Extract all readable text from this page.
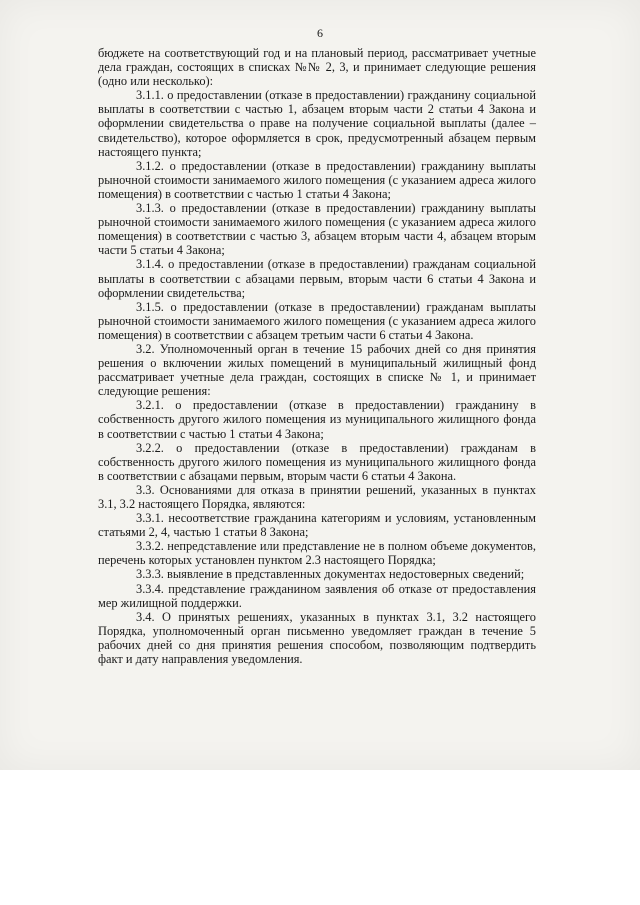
6

бюджете на соответствующий год и на плановый период, рассматривает учетные дела граждан, состоящих в списках №№ 2, 3, и принимает следующие решения (одно или несколько):

3.1.1. о предоставлении (отказе в предоставлении) гражданину социальной выплаты в соответствии с частью 1, абзацем вторым части 2 статьи 4 Закона и оформлении свидетельства о праве на получение социальной выплаты (далее – свидетельство), которое оформляется в срок, предусмотренный абзацем первым настоящего пункта;

3.1.2. о предоставлении (отказе в предоставлении) гражданину выплаты рыночной стоимости занимаемого жилого помещения (с указанием адреса жилого помещения) в соответствии с частью 1 статьи 4 Закона;

3.1.3. о предоставлении (отказе в предоставлении) гражданину выплаты рыночной стоимости занимаемого жилого помещения (с указанием адреса жилого помещения) в соответствии с частью 3, абзацем вторым части 4, абзацем вторым части 5 статьи 4 Закона;

3.1.4. о предоставлении (отказе в предоставлении) гражданам социальной выплаты в соответствии с абзацами первым, вторым части 6 статьи 4 Закона и оформлении свидетельства;

3.1.5. о предоставлении (отказе в предоставлении) гражданам выплаты рыночной стоимости занимаемого жилого помещения (с указанием адреса жилого помещения) в соответствии с абзацем третьим части 6 статьи 4 Закона.

3.2. Уполномоченный орган в течение 15 рабочих дней со дня принятия решения о включении жилых помещений в муниципальный жилищный фонд рассматривает учетные дела граждан, состоящих в списке № 1, и принимает следующие решения:

3.2.1. о предоставлении (отказе в предоставлении) гражданину в собственность другого жилого помещения из муниципального жилищного фонда в соответствии с частью 1 статьи 4 Закона;

3.2.2. о предоставлении (отказе в предоставлении) гражданам в собственность другого жилого помещения из муниципального жилищного фонда в соответствии с абзацами первым, вторым части 6 статьи 4 Закона.

3.3. Основаниями для отказа в принятии решений, указанных в пунктах 3.1, 3.2 настоящего Порядка, являются:

3.3.1. несоответствие гражданина категориям и условиям, установленным статьями 2, 4, частью 1 статьи 8 Закона;

3.3.2. непредставление или представление не в полном объеме документов, перечень которых установлен пунктом 2.3 настоящего Порядка;

3.3.3. выявление в представленных документах недостоверных сведений;

3.3.4. представление гражданином заявления об отказе от предоставления мер жилищной поддержки.

3.4. О принятых решениях, указанных в пунктах 3.1, 3.2 настоящего Порядка, уполномоченный орган письменно уведомляет граждан в течение 5 рабочих дней со дня принятия решения способом, позволяющим подтвердить факт и дату направления уведомления.
